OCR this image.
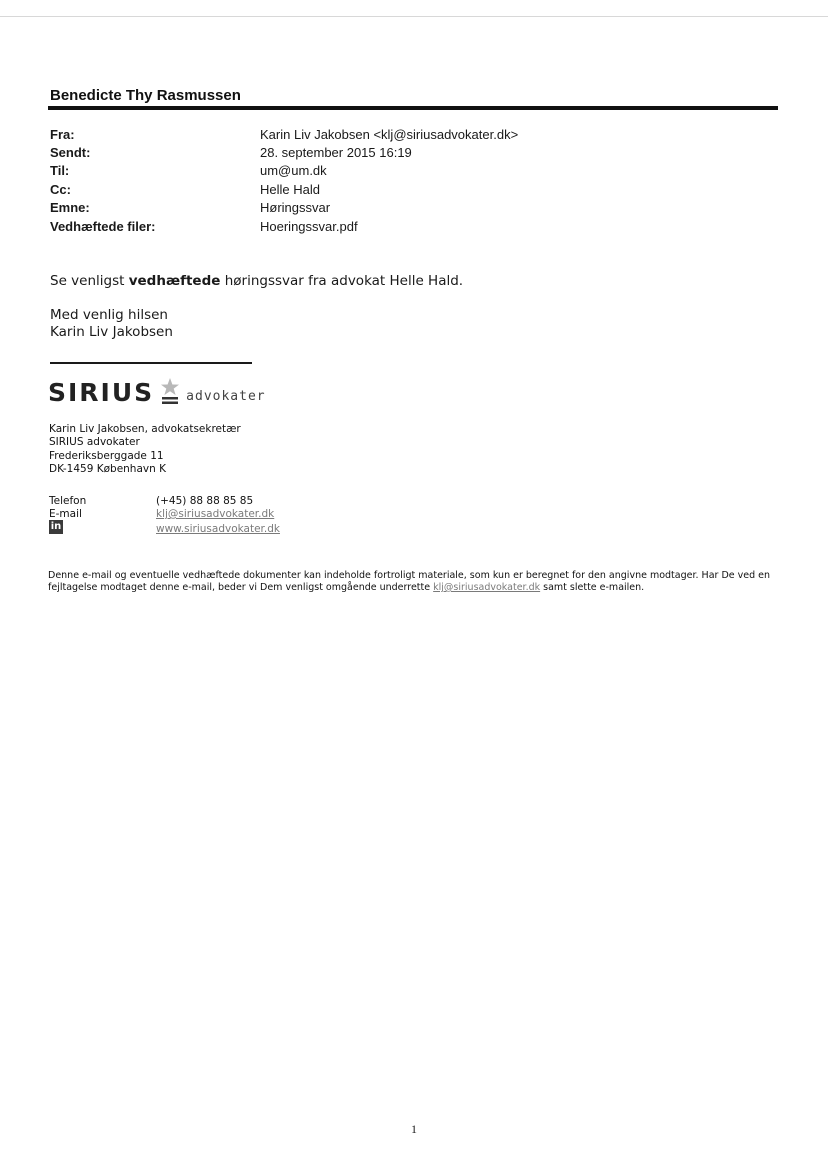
Benedicte Thy Rasmussen
Fra:	Karin Liv Jakobsen <klj@siriusadvokater.dk>
Sendt:	28. september 2015 16:19
Til:	um@um.dk
Cc:	Helle Hald
Emne:	Høringssvar
Vedhæftede filer:	Hoeringssvar.pdf
Se venligst vedhæftede høringssvar fra advokat Helle Hald.
Med venlig hilsen
Karin Liv Jakobsen
SIRIUS advokater
Karin Liv Jakobsen, advokatsekretær
SIRIUS advokater
Frederiksberggade 11
DK-1459 København K
Telefon	(+45) 88 88 85 85
E-mail	klj@siriusadvokater.dk
in	www.siriusadvokater.dk
Denne e-mail og eventuelle vedhæftede dokumenter kan indeholde fortroligt materiale, som kun er beregnet for den angivne modtager. Har De ved en fejltagelse modtaget denne e-mail, beder vi Dem venligst omgående underrette klj@siriusadvokater.dk samt slette e-mailen.
1
